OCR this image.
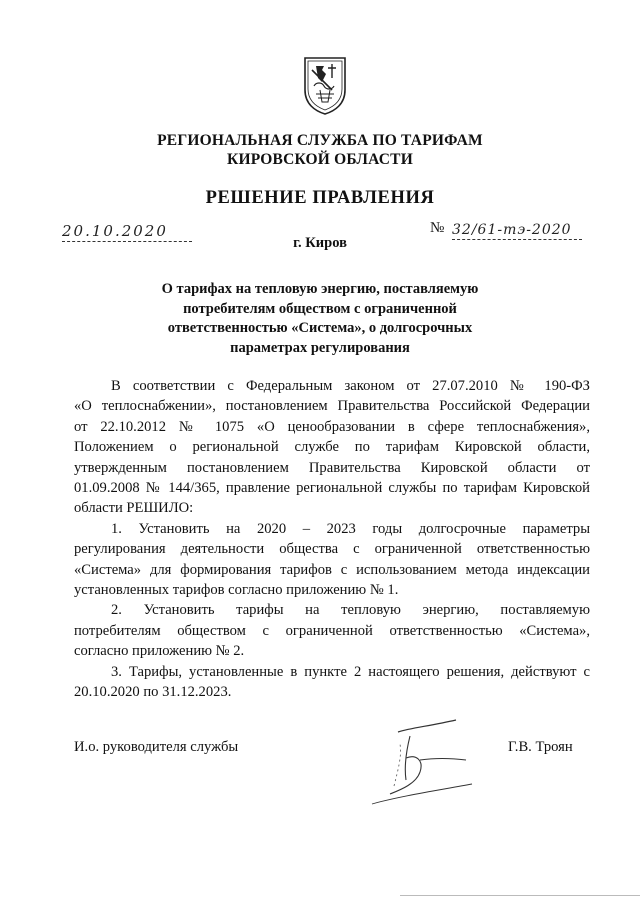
РЕГИОНАЛЬНАЯ СЛУЖБА ПО ТАРИФАМ
КИРОВСКОЙ ОБЛАСТИ
РЕШЕНИЕ ПРАВЛЕНИЯ
20.10.2020	№ 32/61-тэ-2020
г. Киров
О тарифах на тепловую энергию, поставляемую
потребителям обществом с ограниченной
ответственностью «Система», о долгосрочных
параметрах регулирования
В соответствии с Федеральным законом от 27.07.2010 № 190-ФЗ
«О теплоснабжении», постановлением Правительства Российской Федерации
от 22.10.2012 № 1075 «О ценообразовании в сфере теплоснабжения»,
Положением о региональной службе по тарифам Кировской области,
утвержденным постановлением Правительства Кировской области от
01.09.2008 № 144/365, правление региональной службы по тарифам Кировской
области РЕШИЛО:
1. Установить на 2020 – 2023 годы долгосрочные параметры
регулирования деятельности общества с ограниченной ответственностью
«Система» для формирования тарифов с использованием метода индексации
установленных тарифов согласно приложению № 1.
2. Установить тарифы на тепловую энергию, поставляемую
потребителям обществом с ограниченной ответственностью «Система»,
согласно приложению № 2.
3. Тарифы, установленные в пункте 2 настоящего решения, действуют с
20.10.2020 по 31.12.2023.
И.о. руководителя службы	Г.В. Троян
